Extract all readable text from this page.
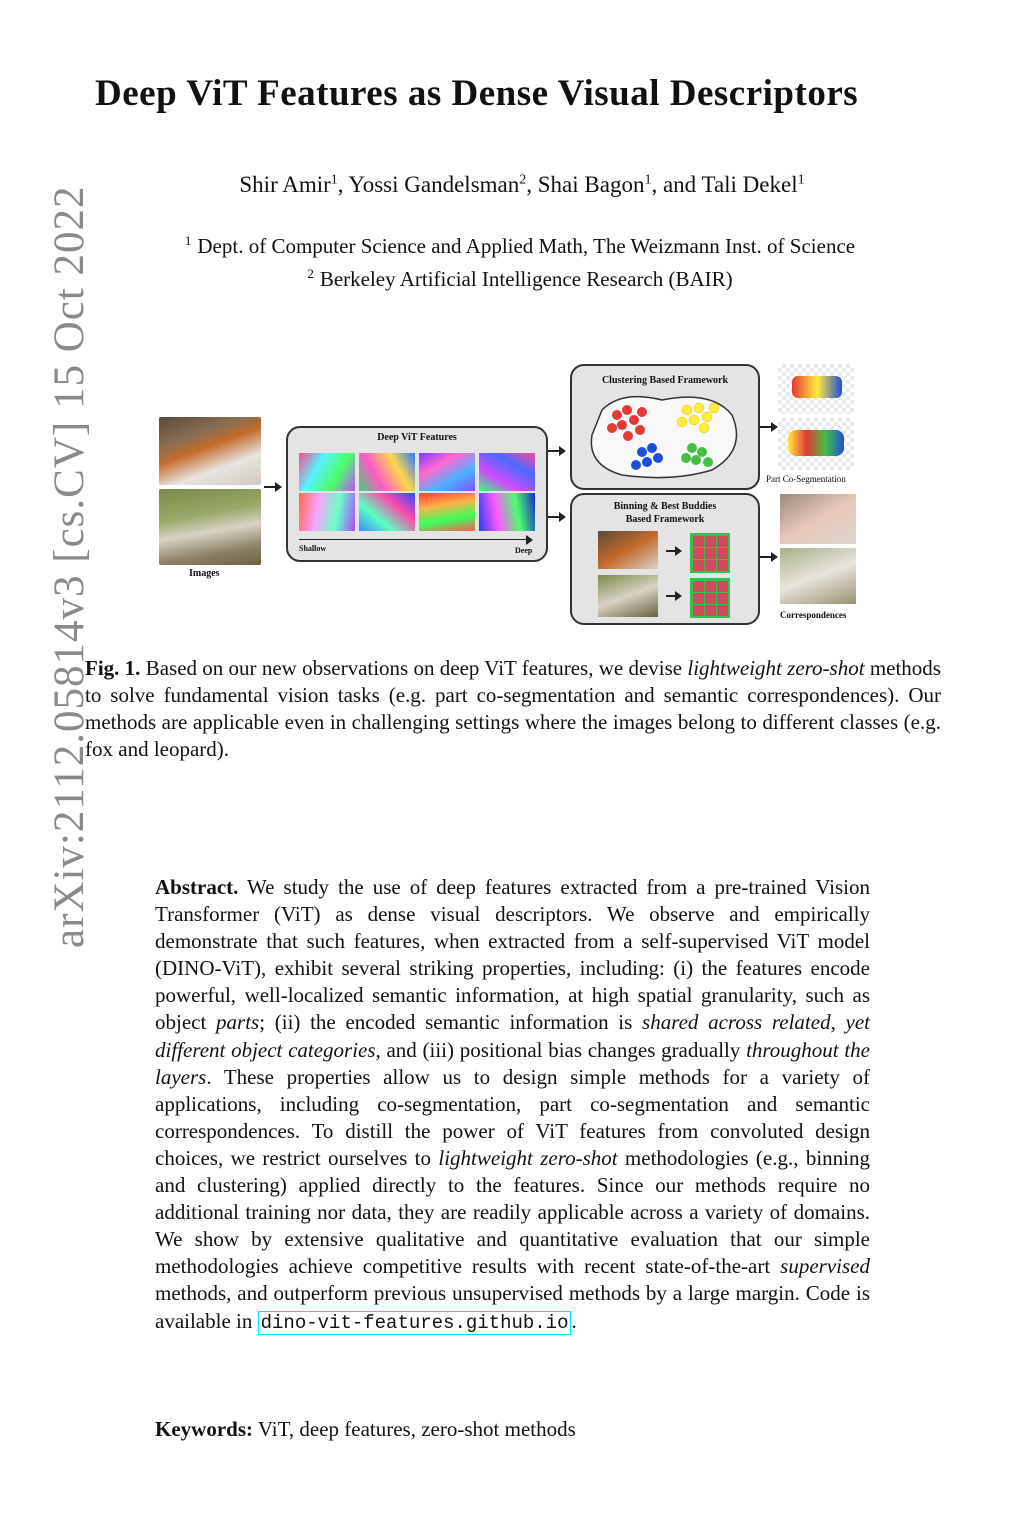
arXiv:2112.05814v3 [cs.CV] 15 Oct 2022
Deep ViT Features as Dense Visual Descriptors
Shir Amir$^1$, Yossi Gandelsman$^2$, Shai Bagon$^1$, and Tali Dekel$^1$
$^1$ Dept. of Computer Science and Applied Math, The Weizmann Inst. of Science
$^2$ Berkeley Artificial Intelligence Research (BAIR)
Images
Deep ViT Features
Shallow	Deep
Clustering Based Framework
Binning & Best Buddies
Based Framework
Part Co-Segmentation
Correspondences
Fig. 1. Based on our new observations on deep ViT features, we devise lightweight zero-shot methods to solve fundamental vision tasks (e.g. part co-segmentation and semantic correspondences). Our methods are applicable even in challenging settings where the images belong to different classes (e.g. fox and leopard).
Abstract. We study the use of deep features extracted from a pre-trained Vision Transformer (ViT) as dense visual descriptors. We observe and empirically demonstrate that such features, when extracted from a self-supervised ViT model (DINO-ViT), exhibit several striking properties, including: (i) the features encode powerful, well-localized semantic information, at high spatial granularity, such as object parts; (ii) the encoded semantic information is shared across related, yet different object categories, and (iii) positional bias changes gradually throughout the layers. These properties allow us to design simple methods for a variety of applications, including co-segmentation, part co-segmentation and semantic correspondences. To distill the power of ViT features from convoluted design choices, we restrict ourselves to lightweight zero-shot methodologies (e.g., binning and clustering) applied directly to the features. Since our methods require no additional training nor data, they are readily applicable across a variety of domains. We show by extensive qualitative and quantitative evaluation that our simple methodologies achieve competitive results with recent state-of-the-art supervised methods, and outperform previous unsupervised methods by a large margin. Code is available in dino-vit-features.github.io .
Keywords: ViT, deep features, zero-shot methods
